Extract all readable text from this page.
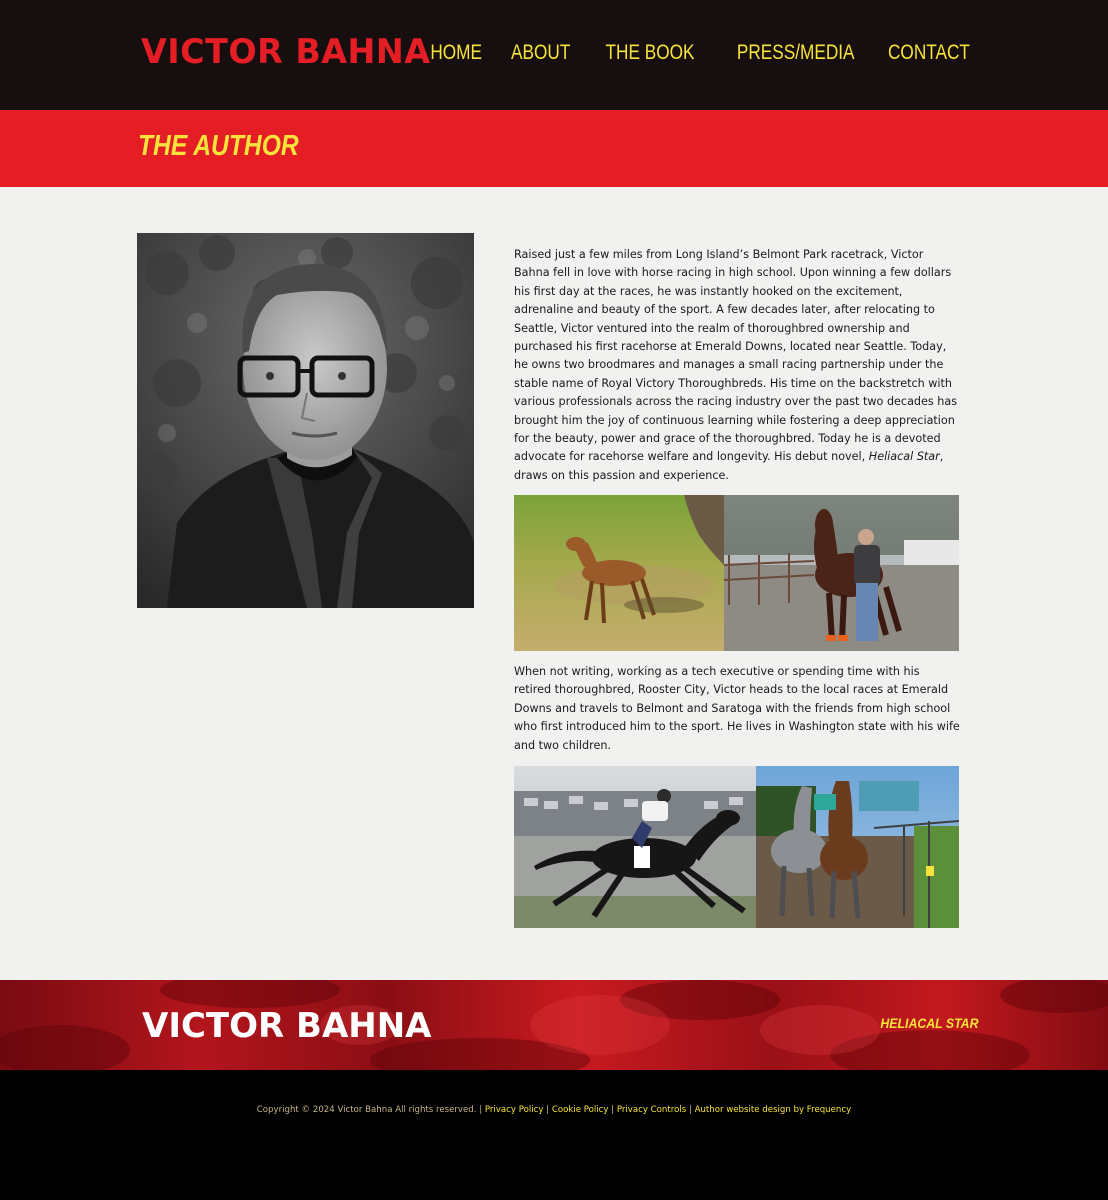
VICTOR BAHNA HOME ABOUT THE BOOK PRESS/MEDIA CONTACT
THE AUTHOR

Raised just a few miles from Long Island’s Belmont Park racetrack, Victor Bahna fell in love with horse racing in high school. Upon winning a few dollars his first day at the races, he was instantly hooked on the excitement, adrenaline and beauty of the sport. A few decades later, after relocating to Seattle, Victor ventured into the realm of thoroughbred ownership and purchased his first racehorse at Emerald Downs, located near Seattle. Today, he owns two broodmares and manages a small racing partnership under the stable name of Royal Victory Thoroughbreds. His time on the backstretch with various professionals across the racing industry over the past two decades has brought him the joy of continuous learning while fostering a deep appreciation for the beauty, power and grace of the thoroughbred. Today he is a devoted advocate for racehorse welfare and longevity. His debut novel, Heliacal Star, draws on this passion and experience.

When not writing, working as a tech executive or spending time with his retired thoroughbred, Rooster City, Victor heads to the local races at Emerald Downs and travels to Belmont and Saratoga with the friends from high school who first introduced him to the sport. He lives in Washington state with his wife and two children.

VICTOR BAHNA	HELIACAL STAR
Copyright © 2024 Victor Bahna All rights reserved. | Privacy Policy | Cookie Policy | Privacy Controls | Author website design by Frequency
